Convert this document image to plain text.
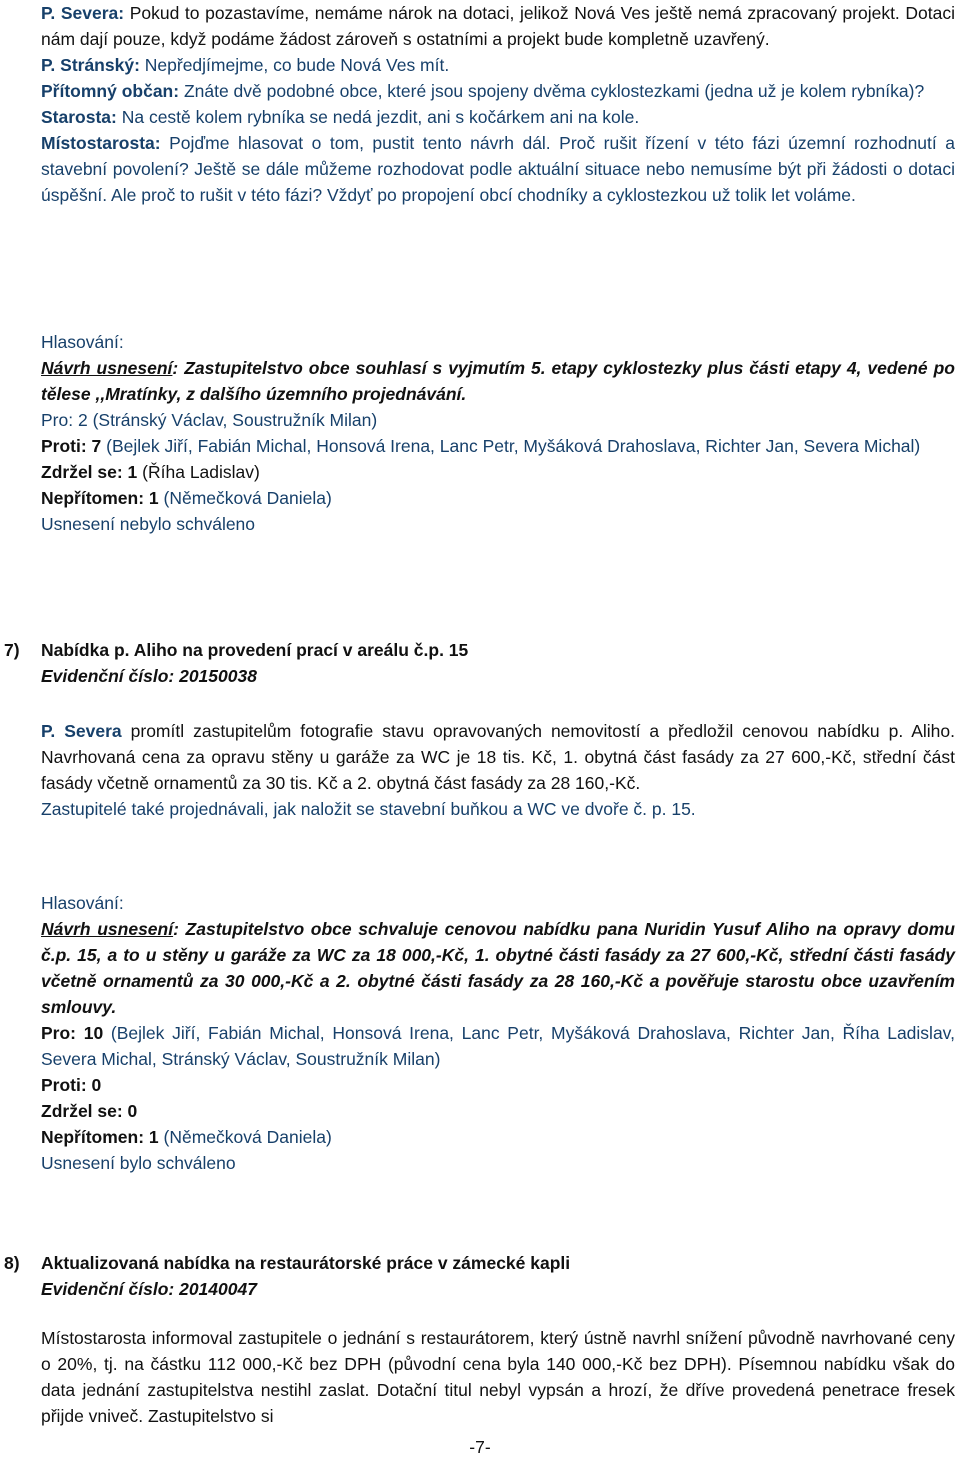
P. Severa: Pokud to pozastavíme, nemáme nárok na dotaci, jelikož Nová Ves ještě nemá zpracovaný projekt. Dotaci nám dají pouze, když podáme žádost zároveň s ostatními a projekt bude kompletně uzavřený.

P. Stránský: Nepředjímejme, co bude Nová Ves mít.

Přítomný občan: Znáte dvě podobné obce, které jsou spojeny dvěma cyklostezkami (jedna už je kolem rybníka)?

Starosta: Na cestě kolem rybníka se nedá jezdit, ani s kočárkem ani na kole.

Místostarosta: Pojďme hlasovat o tom, pustit tento návrh dál. Proč rušit řízení v této fázi územní rozhodnutí a stavební povolení? Ještě se dále můžeme rozhodovat podle aktuální situace nebo nemusíme být při žádosti o dotaci úspěšní. Ale proč to rušit v této fázi? Vždyť po propojení obcí chodníky a cyklostezkou už tolik let voláme.

Hlasování:

Návrh usnesení: Zastupitelstvo obce souhlasí s vyjmutím 5. etapy cyklostezky plus části etapy 4, vedené po tělese ,,Mratínky, z dalšího územního projednávání.

Pro: 2 (Stránský Václav, Soustružník Milan)

Proti: 7 (Bejlek Jiří, Fabián Michal, Honsová Irena, Lanc Petr, Myšáková Drahoslava, Richter Jan, Severa Michal)

Zdržel se: 1 (Říha Ladislav)

Nepřítomen: 1 (Němečková Daniela)

Usnesení nebylo schváleno

7) Nabídka p. Aliho na provedení prací v areálu č.p. 15

Evidenční číslo: 20150038

P. Severa promítl zastupitelům fotografie stavu opravovaných nemovitostí a předložil cenovou nabídku p. Aliho. Navrhovaná cena za opravu stěny u garáže za WC je 18 tis. Kč, 1. obytná část fasády za 27 600,-Kč, střední část fasády včetně ornamentů za 30 tis. Kč a 2. obytná část fasády za 28 160,-Kč.

Zastupitelé také projednávali, jak naložit se stavební buňkou a WC ve dvoře č. p. 15.

Hlasování:

Návrh usnesení: Zastupitelstvo obce schvaluje cenovou nabídku pana Nuridin Yusuf Aliho na opravy domu č.p. 15, a to u stěny u garáže za WC za 18 000,-Kč, 1. obytné části fasády za 27 600,-Kč, střední části fasády včetně ornamentů za 30 000,-Kč a 2. obytné části fasády za 28 160,-Kč a pověřuje starostu obce uzavřením smlouvy.

Pro: 10 (Bejlek Jiří, Fabián Michal, Honsová Irena, Lanc Petr, Myšáková Drahoslava, Richter Jan, Říha Ladislav, Severa Michal, Stránský Václav, Soustružník Milan)

Proti: 0

Zdržel se: 0

Nepřítomen: 1 (Němečková Daniela)

Usnesení bylo schváleno

8) Aktualizovaná nabídka na restaurátorské práce v zámecké kapli

Evidenční číslo: 20140047

Místostarosta informoval zastupitele o jednání s restaurátorem, který ústně navrhl snížení původně navrhované ceny o 20%, tj. na částku 112 000,-Kč bez DPH (původní cena byla 140 000,-Kč bez DPH). Písemnou nabídku však do data jednání zastupitelstva nestihl zaslat. Dotační titul nebyl vypsán a hrozí, že dříve provedená penetrace fresek přijde vniveč. Zastupitelstvo si

-7-
